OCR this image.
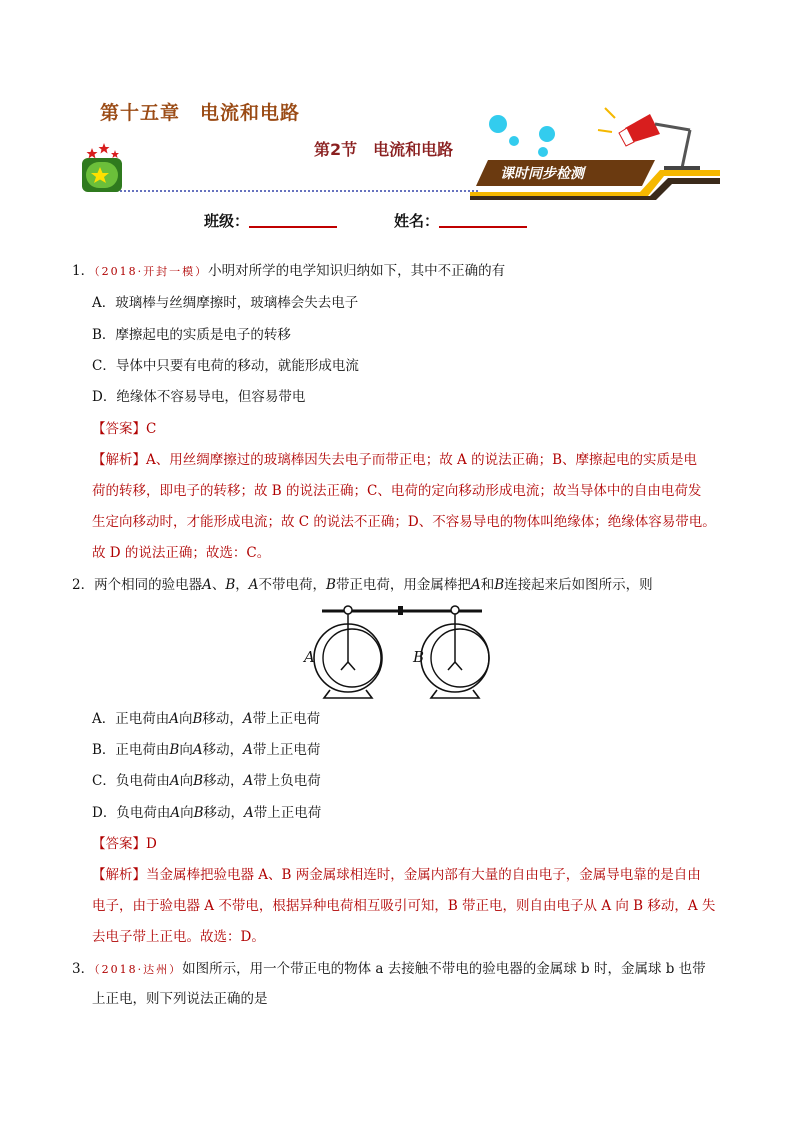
第十五章　电流和电路
第2节　电流和电路
课时同步检测
班级：	姓名：
1．（2018·开封一模）小明对所学的电学知识归纳如下，其中不正确的有
A．玻璃棒与丝绸摩擦时，玻璃棒会失去电子
B．摩擦起电的实质是电子的转移
C．导体中只要有电荷的移动，就能形成电流
D．绝缘体不容易导电，但容易带电
【答案】C
【解析】A、用丝绸摩擦过的玻璃棒因失去电子而带正电；故 A 的说法正确；B、摩擦起电的实质是电
荷的转移，即电子的转移；故 B 的说法正确；C、电荷的定向移动形成电流；故当导体中的自由电荷发
生定向移动时，才能形成电流；故 C 的说法不正确；D、不容易导电的物体叫绝缘体；绝缘体容易带电。
故 D 的说法正确；故选：C。
2．两个相同的验电器A、B，A不带电荷，B带正电荷，用金属棒把A和B连接起来后如图所示，则
A	B
A．正电荷由A向B移动，A带上正电荷
B．正电荷由B向A移动，A带上正电荷
C．负电荷由A向B移动，A带上负电荷
D．负电荷由A向B移动，A带上正电荷
【答案】D
【解析】当金属棒把验电器 A、B 两金属球相连时，金属内部有大量的自由电子，金属导电靠的是自由
电子，由于验电器 A 不带电，根据异种电荷相互吸引可知，B 带正电，则自由电子从 A 向 B 移动，A 失
去电子带上正电。故选：D。
3．（2018·达州）如图所示，用一个带正电的物体 a 去接触不带电的验电器的金属球 b 时，金属球 b 也带
上正电，则下列说法正确的是
